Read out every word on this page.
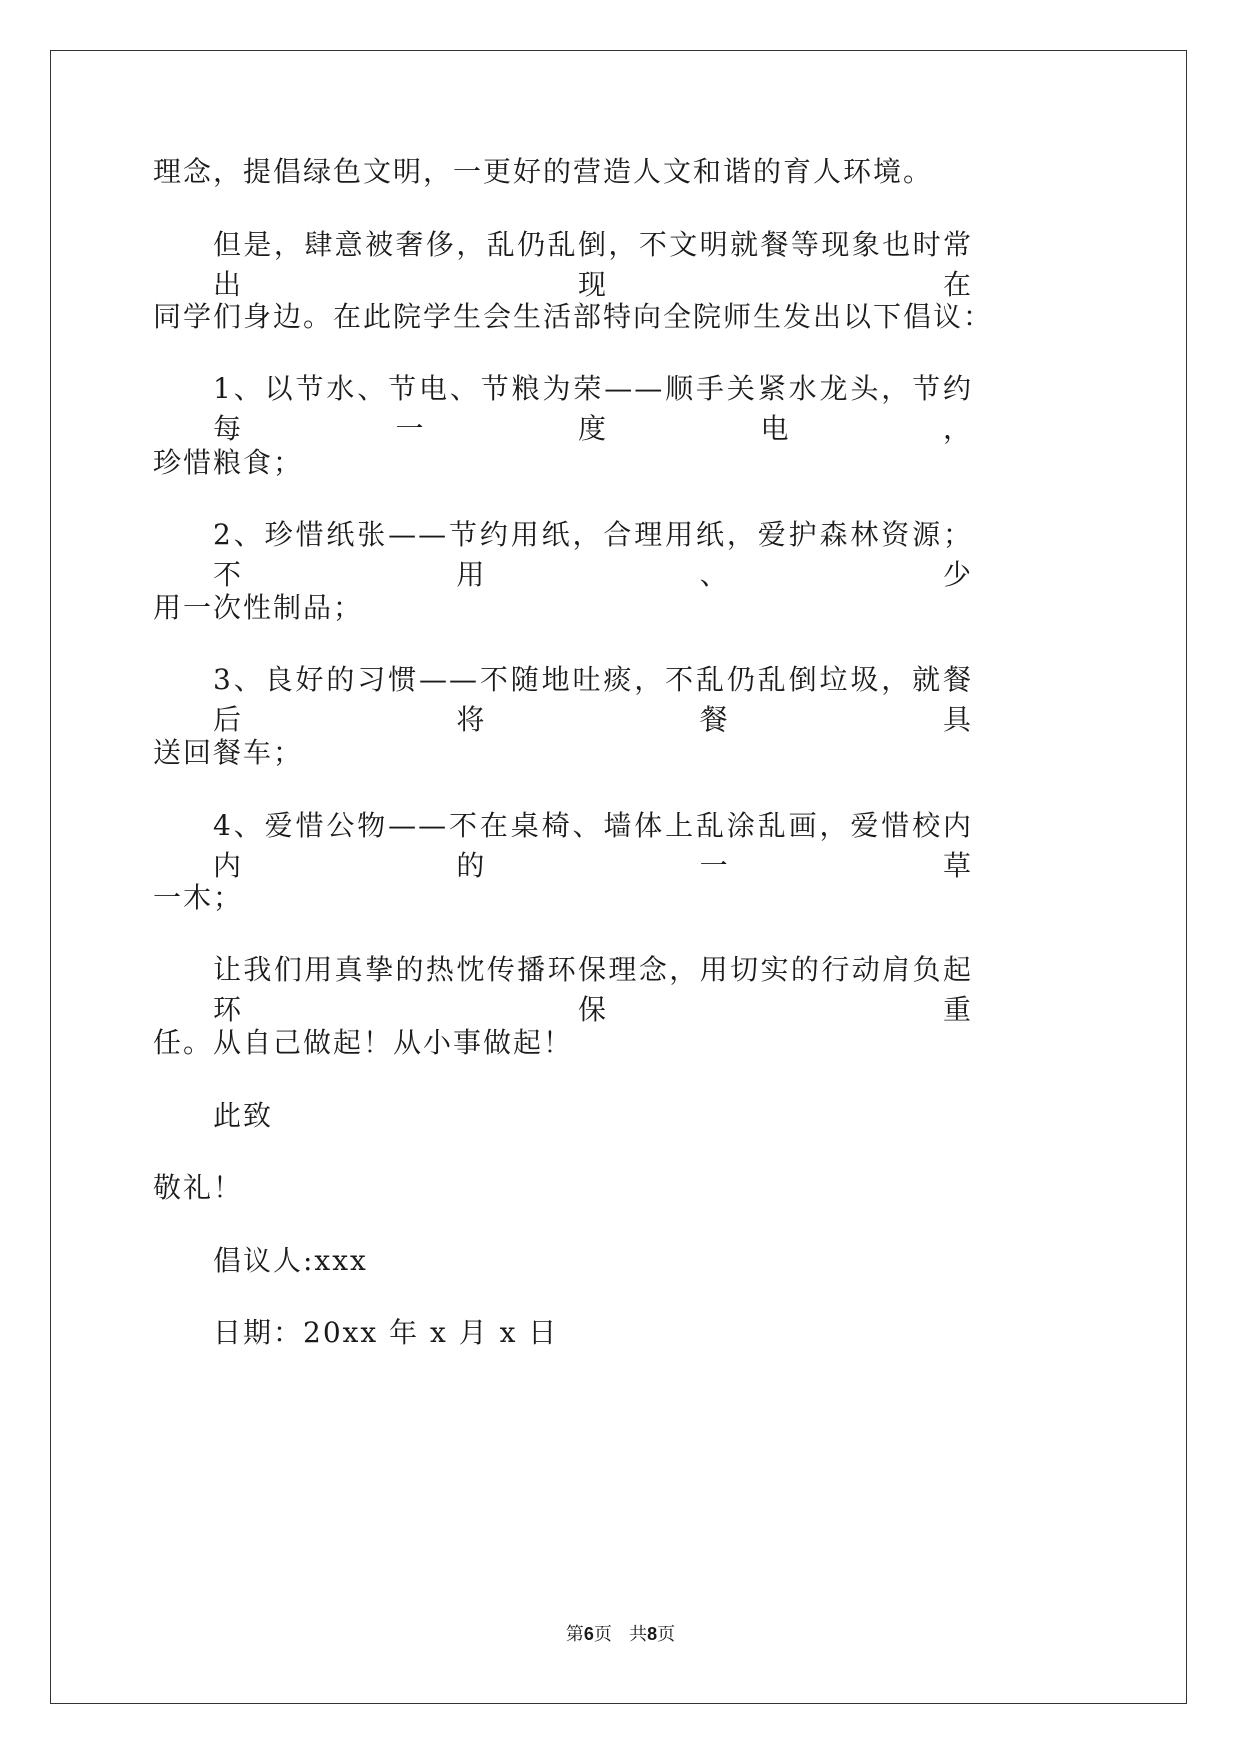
理念，提倡绿色文明，一更好的营造人文和谐的育人环境。
但是，肆意被奢侈，乱仍乱倒，不文明就餐等现象也时常出现在
同学们身边。在此院学生会生活部特向全院师生发出以下倡议：
1、以节水、节电、节粮为荣——顺手关紧水龙头，节约每一度电，
珍惜粮食；
2、珍惜纸张——节约用纸，合理用纸，爱护森林资源；不用、少
用一次性制品；
3、良好的习惯——不随地吐痰，不乱仍乱倒垃圾，就餐后将餐具
送回餐车；
4、爱惜公物——不在桌椅、墙体上乱涂乱画，爱惜校内内的一草
一木；
让我们用真挚的热忱传播环保理念，用切实的行动肩负起环保重
任。从自己做起！从小事做起！
此致
敬礼！
倡议人:xxx
日期：20xx 年 x 月 x 日
第6页 共8页
